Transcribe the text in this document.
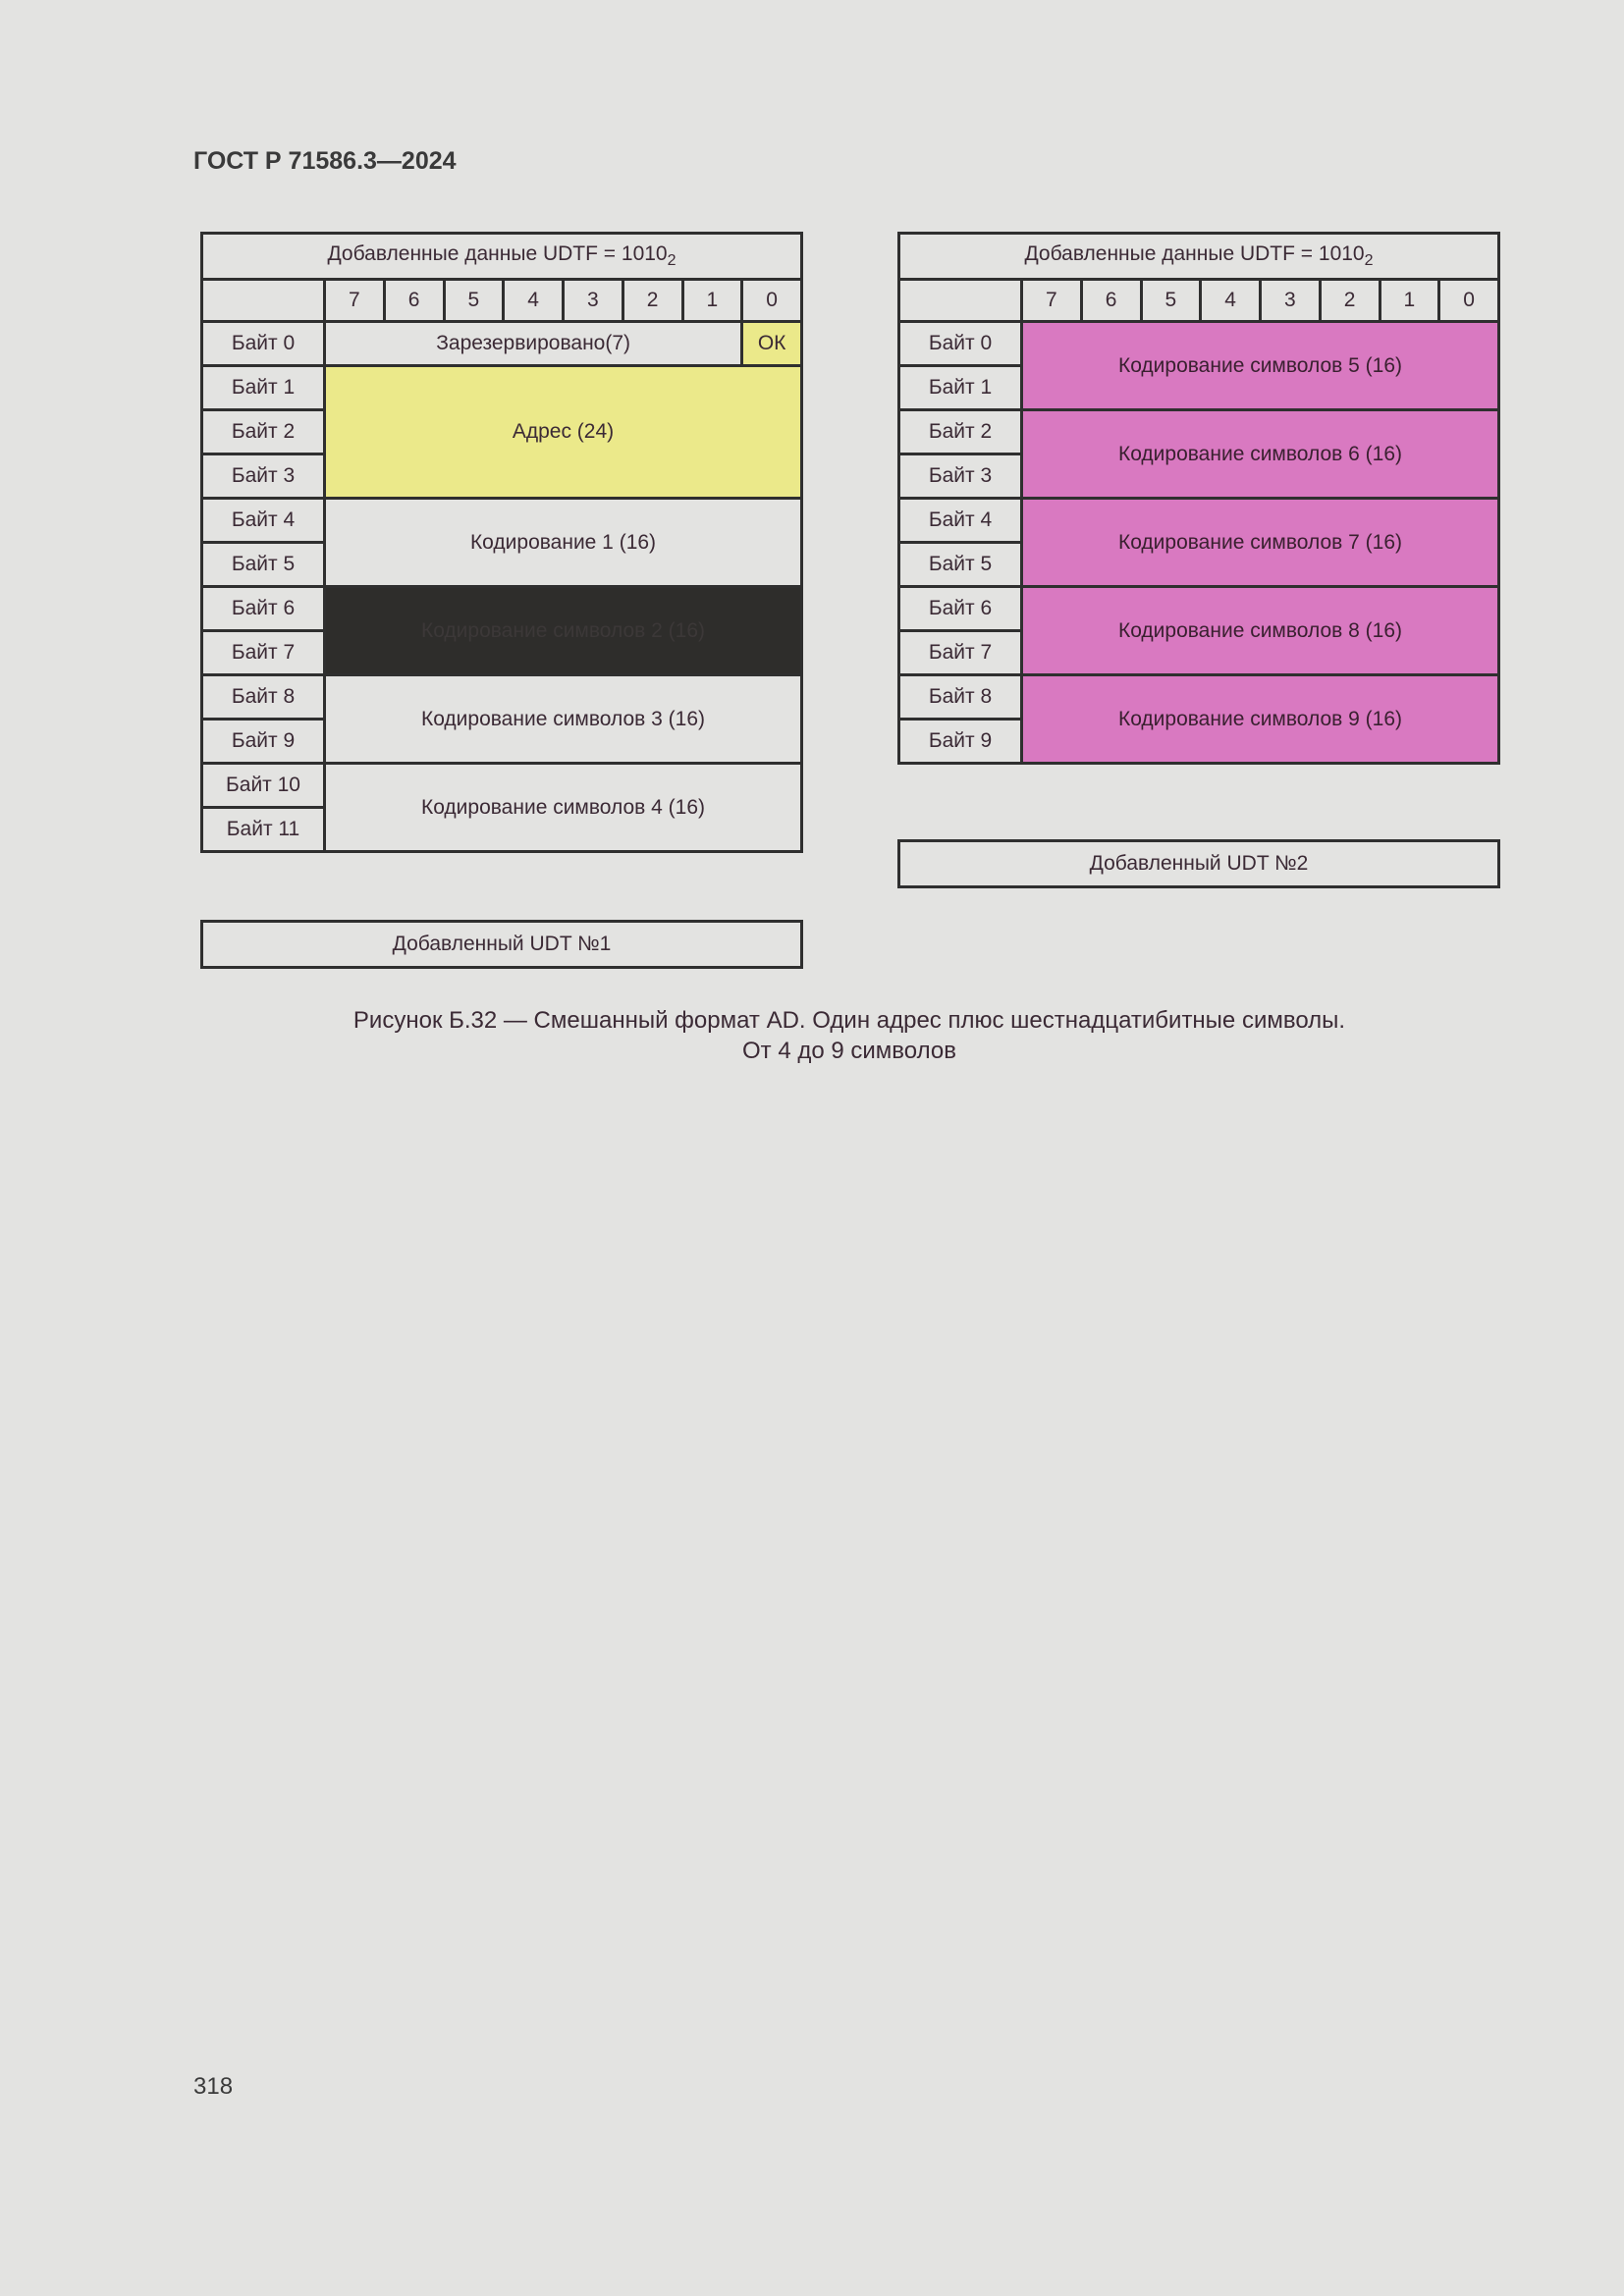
ГОСТ Р 71586.3—2024
Добавленные данные UDTF = $1010_2$
	7	6	5	4	3	2	1	0
Байт 0	Зарезервировано(7)							ОК
Байт 1	Адрес (24)							
Байт 2								
Байт 3								
Байт 4	Кодирование 1 (16)							
Байт 5								
Байт 6	Кодирование символов 2 (16)							
Байт 7								
Байт 8	Кодирование символов 3 (16)							
Байт 9								
Байт 10	Кодирование символов 4 (16)							
Байт 11								
Добавленные данные UDTF = $1010_2$
	7	6	5	4	3	2	1	0
Байт 0	Кодирование символов 5 (16)							
Байт 1								
Байт 2	Кодирование символов 6 (16)							
Байт 3								
Байт 4	Кодирование символов 7 (16)							
Байт 5								
Байт 6	Кодирование символов 8 (16)							
Байт 7								
Байт 8	Кодирование символов 9 (16)							
Байт 9								
Добавленный UDT №1
Добавленный UDT №2
Рисунок Б.32 — Смешанный формат AD. Один адрес плюс шестнадцатибитные символы.
От 4 до 9 символов
318
